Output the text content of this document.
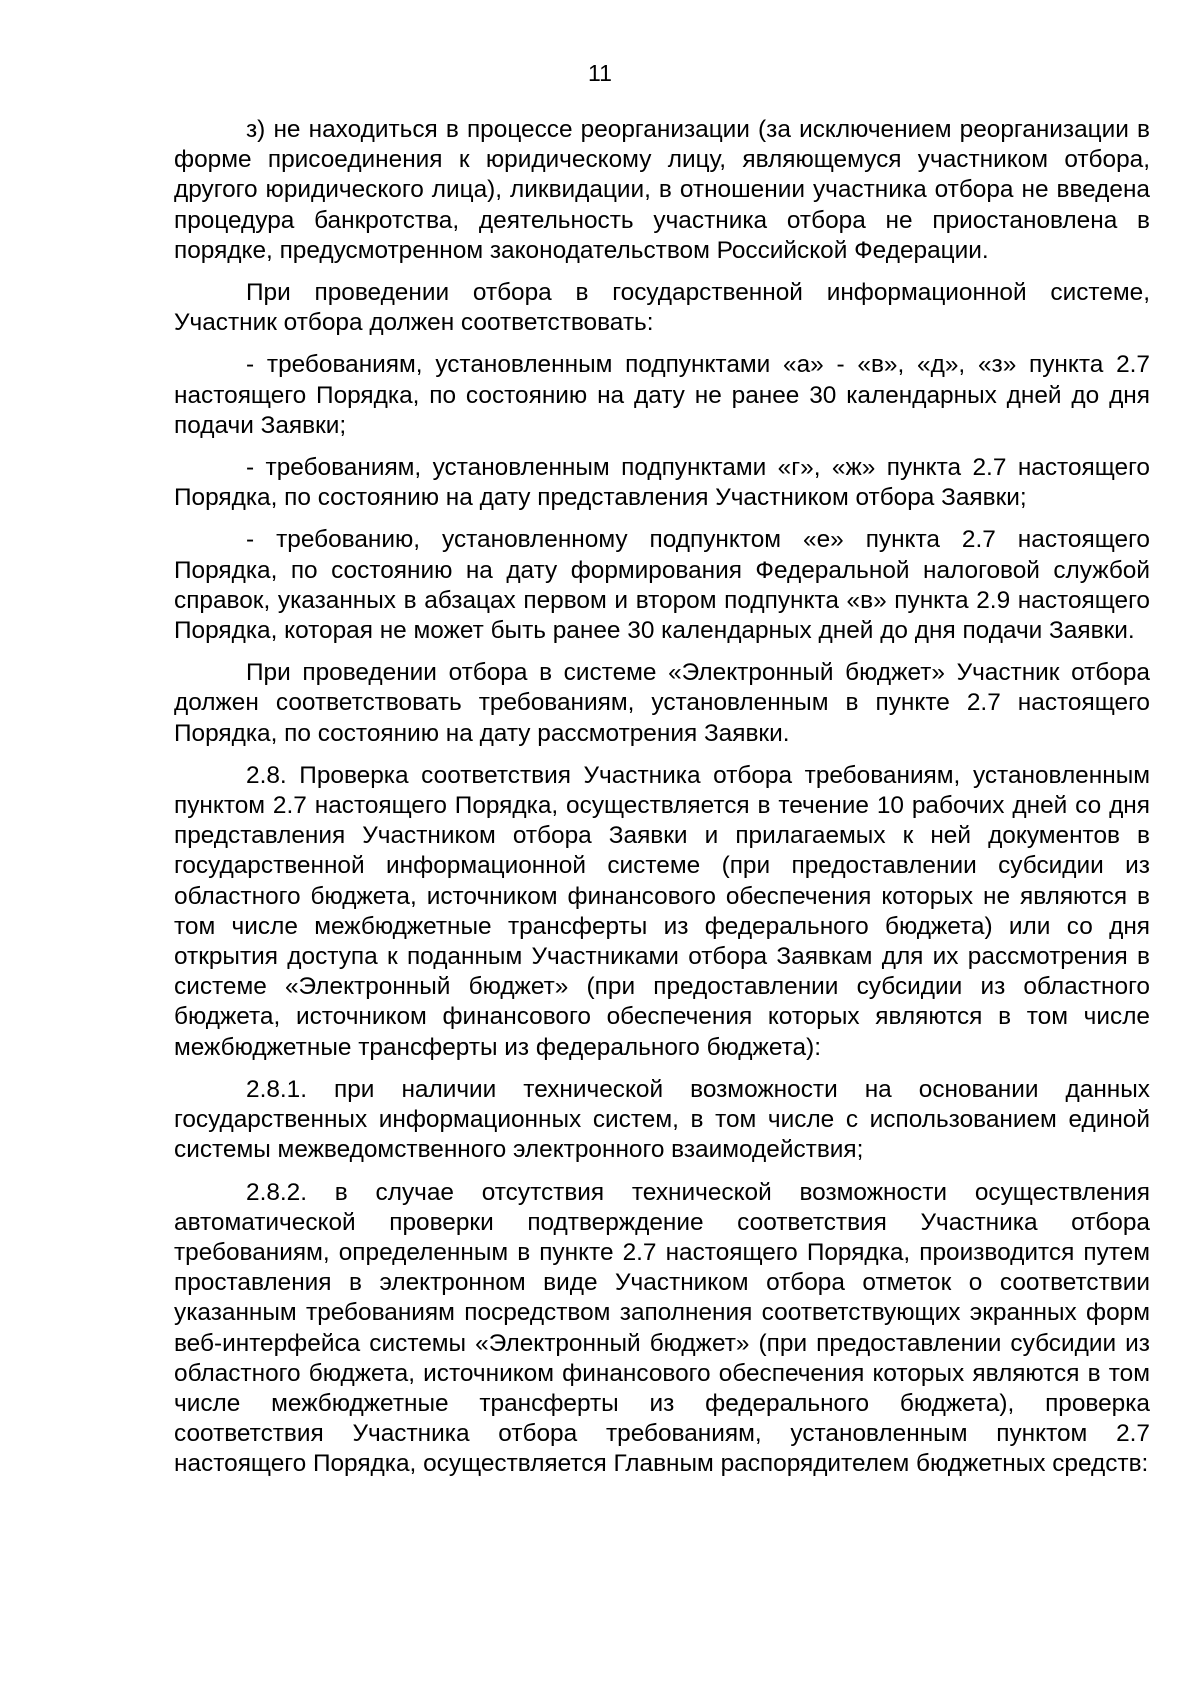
11

з) не находиться в процессе реорганизации (за исключением реорганизации в форме присоединения к юридическому лицу, являющемуся участником отбора, другого юридического лица), ликвидации, в отношении участника отбора не введена процедура банкротства, деятельность участника отбора не приостановлена в порядке, предусмотренном законодательством Российской Федерации.

При проведении отбора в государственной информационной системе, Участник отбора должен соответствовать:

- требованиям, установленным подпунктами «а» - «в», «д», «з» пункта 2.7 настоящего Порядка, по состоянию на дату не ранее 30 календарных дней до дня подачи Заявки;

- требованиям, установленным подпунктами «г», «ж» пункта 2.7 настоящего Порядка, по состоянию на дату представления Участником отбора Заявки;

- требованию, установленному подпунктом «е» пункта 2.7 настоящего Порядка, по состоянию на дату формирования Федеральной налоговой службой справок, указанных в абзацах первом и втором подпункта «в» пункта 2.9 настоящего Порядка, которая не может быть ранее 30 календарных дней до дня подачи Заявки.

При проведении отбора в системе «Электронный бюджет» Участник отбора должен соответствовать требованиям, установленным в пункте 2.7 настоящего Порядка, по состоянию на дату рассмотрения Заявки.

2.8. Проверка соответствия Участника отбора требованиям, установленным пунктом 2.7 настоящего Порядка, осуществляется в течение 10 рабочих дней со дня представления Участником отбора Заявки и прилагаемых к ней документов в государственной информационной системе (при предоставлении субсидии из областного бюджета, источником финансового обеспечения которых не являются в том числе межбюджетные трансферты из федерального бюджета) или со дня открытия доступа к поданным Участниками отбора Заявкам для их рассмотрения в системе «Электронный бюджет» (при предоставлении субсидии из областного бюджета, источником финансового обеспечения которых являются в том числе межбюджетные трансферты из федерального бюджета):

2.8.1. при наличии технической возможности на основании данных государственных информационных систем, в том числе с использованием единой системы межведомственного электронного взаимодействия;

2.8.2. в случае отсутствия технической возможности осуществления автоматической проверки подтверждение соответствия Участника отбора требованиям, определенным в пункте 2.7 настоящего Порядка, производится путем проставления в электронном виде Участником отбора отметок о соответствии указанным требованиям посредством заполнения соответствующих экранных форм веб-интерфейса системы «Электронный бюджет» (при предоставлении субсидии из областного бюджета, источником финансового обеспечения которых являются в том числе межбюджетные трансферты из федерального бюджета), проверка соответствия Участника отбора требованиям, установленным пунктом 2.7 настоящего Порядка, осуществляется Главным распорядителем бюджетных средств:
